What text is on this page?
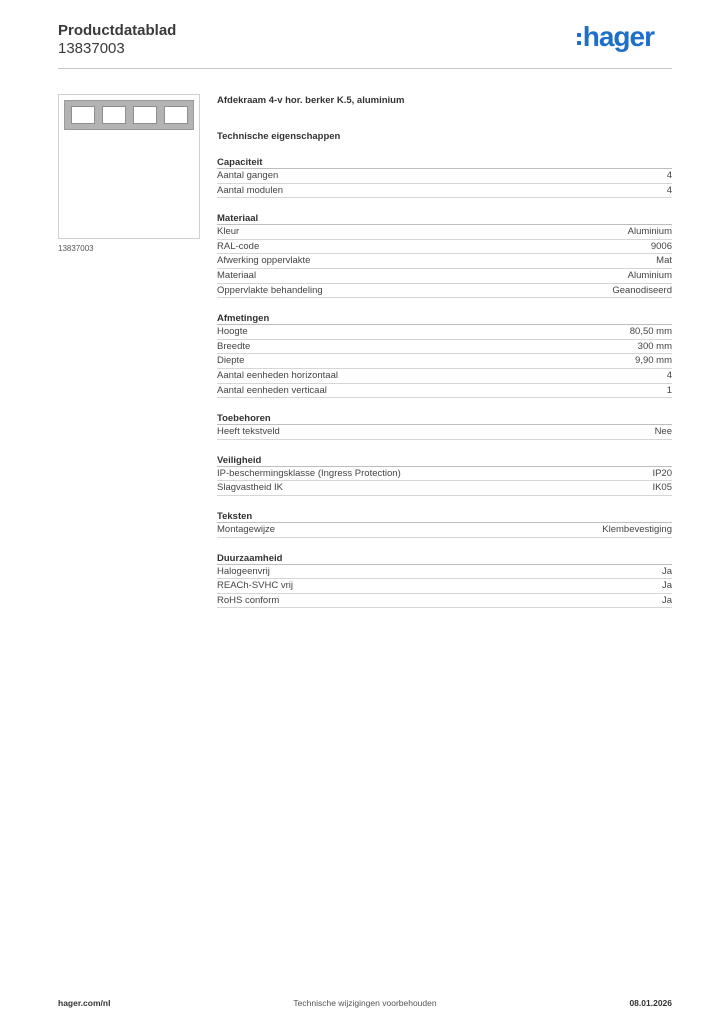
Productdatablad
13837003	hager
13837003
Afdekraam 4-v hor. berker K.5, aluminium
Technische eigenschappen
Capaciteit
Aantal gangen	4
Aantal modulen	4
Materiaal
Kleur	Aluminium
RAL-code	9006
Afwerking oppervlakte	Mat
Materiaal	Aluminium
Oppervlakte behandeling	Geanodiseerd
Afmetingen
Hoogte	80,50 mm
Breedte	300 mm
Diepte	9,90 mm
Aantal eenheden horizontaal	4
Aantal eenheden verticaal	1
Toebehoren
Heeft tekstveld	Nee
Veiligheid
IP-beschermingsklasse (Ingress Protection)	IP20
Slagvastheid IK	IK05
Teksten
Montagewijze	Klembevestiging
Duurzaamheid
Halogeenvrij	Ja
REACh-SVHC vrij	Ja
RoHS conform	Ja
hager.com/nl	Technische wijzigingen voorbehouden	08.01.2026
